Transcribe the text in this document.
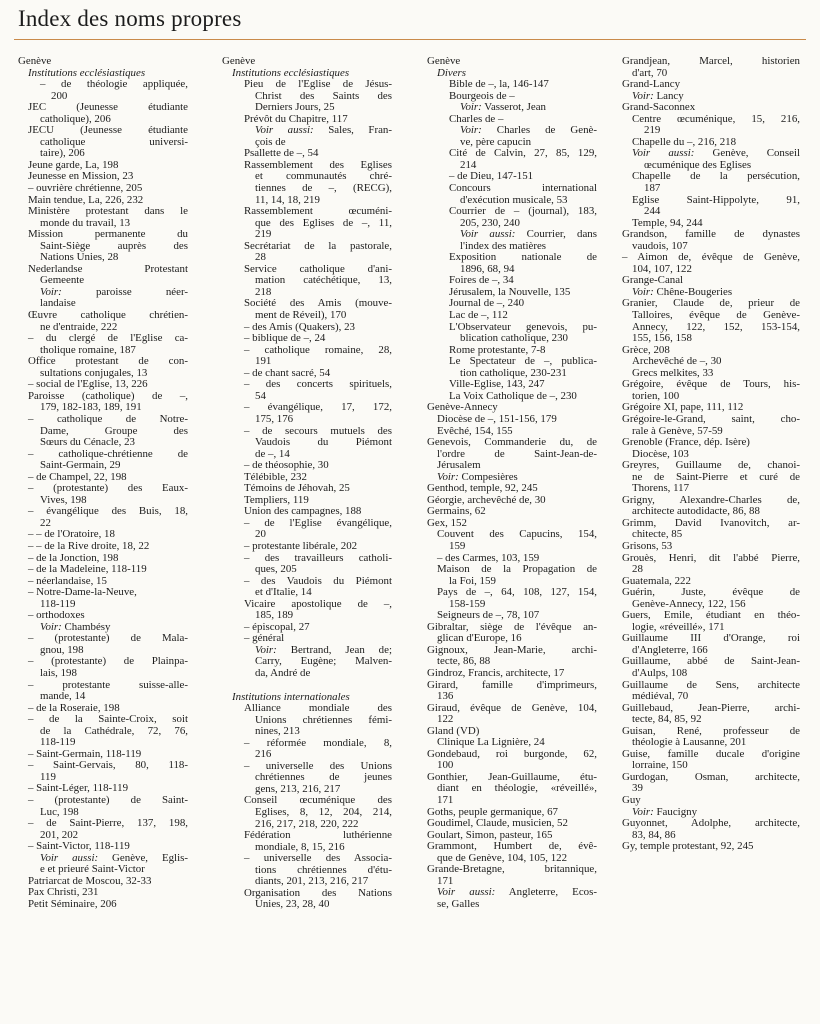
Index des noms propres
Genève
Institutions ecclésiastiques
– de théologie appliquée,
200
JEC (Jeunesse étudiante
catholique), 206
JECU (Jeunesse étudiante
catholique universi-
taire), 206
Jeune garde, La, 198
Jeunesse en Mission, 23
– ouvrière chrétienne, 205
Main tendue, La, 226, 232
Ministère protestant dans le
monde du travail, 13
Mission permanente du
Saint-Siège auprès des
Nations Unies, 28
Nederlandse Protestant
Gemeente
Voir: paroisse néer-
landaise
Œuvre catholique chrétien-
ne d'entraide, 222
– du clergé de l'Eglise ca-
tholique romaine, 187
Office protestant de con-
sultations conjugales, 13
– social de l'Eglise, 13, 226
Paroisse (catholique) de –,
179, 182-183, 189, 191
– catholique de Notre-
Dame, Groupe des
Sœurs du Cénacle, 23
– catholique-chrétienne de
Saint-Germain, 29
– de Champel, 22, 198
– (protestante) des Eaux-
Vives, 198
– évangélique des Buis, 18,
22
– – de l'Oratoire, 18
– – de la Rive droite, 18, 22
– de la Jonction, 198
– de la Madeleine, 118-119
– néerlandaise, 15
– Notre-Dame-la-Neuve,
118-119
– orthodoxes
Voir: Chambésy
– (protestante) de Mala-
gnou, 198
– (protestante) de Plainpa-
lais, 198
– protestante suisse-alle-
mande, 14
– de la Roseraie, 198
– de la Sainte-Croix, soit
de la Cathédrale, 72, 76,
118-119
– Saint-Germain, 118-119
– Saint-Gervais, 80, 118-
119
– Saint-Léger, 118-119
– (protestante) de Saint-
Luc, 198
– de Saint-Pierre, 137, 198,
201, 202
– Saint-Victor, 118-119
Voir aussi: Genève, Eglis-
e et prieuré Saint-Victor
Patriarcat de Moscou, 32-33
Pax Christi, 231
Petit Séminaire, 206
Genève
Institutions ecclésiastiques
Pieu de l'Eglise de Jésus-
Christ des Saints des
Derniers Jours, 25
Prévôt du Chapitre, 117
Voir aussi: Sales, Fran-
çois de
Psallette de –, 54
Rassemblement des Eglises
et communautés chré-
tiennes de –, (RECG),
11, 14, 18, 219
Rassemblement œcuméni-
que des Eglises de –, 11,
219
Secrétariat de la pastorale,
28
Service catholique d'ani-
mation catéchétique, 13,
218
Société des Amis (mouve-
ment de Réveil), 170
– des Amis (Quakers), 23
– biblique de –, 24
– catholique romaine, 28,
191
– de chant sacré, 54
– des concerts spirituels,
54
– évangélique, 17, 172,
175, 176
– de secours mutuels des
Vaudois du Piémont
de –, 14
– de théosophie, 30
Télébible, 232
Témoins de Jéhovah, 25
Templiers, 119
Union des campagnes, 188
– de l'Eglise évangélique,
20
– protestante libérale, 202
– des travailleurs catholi-
ques, 205
– des Vaudois du Piémont
et d'Italie, 14
Vicaire apostolique de –,
185, 189
– épiscopal, 27
– général
Voir: Bertrand, Jean de;
Carry, Eugène; Malven-
da, André de
Institutions internationales
Alliance mondiale des
Unions chrétiennes fémi-
nines, 213
– réformée mondiale, 8,
216
– universelle des Unions
chrétiennes de jeunes
gens, 213, 216, 217
Conseil œcuménique des
Eglises, 8, 12, 204, 214,
216, 217, 218, 220, 222
Fédération luthérienne
mondiale, 8, 15, 216
– universelle des Associa-
tions chrétiennes d'étu-
diants, 201, 213, 216, 217
Organisation des Nations
Unies, 23, 28, 40
Genève
Divers
Bible de –, la, 146-147
Bourgeois de –
Voir: Vasserot, Jean
Charles de –
Voir: Charles de Genè-
ve, père capucin
Cité de Calvin, 27, 85, 129,
214
– de Dieu, 147-151
Concours international
d'exécution musicale, 53
Courrier de – (journal), 183,
205, 230, 240
Voir aussi: Courrier, dans
l'index des matières
Exposition nationale de
1896, 68, 94
Foires de –, 34
Jérusalem, la Nouvelle, 135
Journal de –, 240
Lac de –, 112
L'Observateur genevois, pu-
blication catholique, 230
Rome protestante, 7-8
Le Spectateur de –, publica-
tion catholique, 230-231
Ville-Eglise, 143, 247
La Voix Catholique de –, 230
Genève-Annecy
Diocèse de –, 151-156, 179
Evêché, 154, 155
Genevois, Commanderie du, de
l'ordre de Saint-Jean-de-
Jérusalem
Voir: Compesières
Genthod, temple, 92, 245
Géorgie, archevêché de, 30
Germains, 62
Gex, 152
Couvent des Capucins, 154,
159
– des Carmes, 103, 159
Maison de la Propagation de
la Foi, 159
Pays de –, 64, 108, 127, 154,
158-159
Seigneurs de –, 78, 107
Gibraltar, siège de l'évêque an-
glican d'Europe, 16
Gignoux, Jean-Marie, archi-
tecte, 86, 88
Gindroz, Francis, architecte, 17
Girard, famille d'imprimeurs,
136
Giraud, évêque de Genève, 104,
122
Gland (VD)
Clinique La Lignière, 24
Gondebaud, roi burgonde, 62,
100
Gonthier, Jean-Guillaume, étu-
diant en théologie, «réveillé»,
171
Goths, peuple germanique, 67
Goudimel, Claude, musicien, 52
Goulart, Simon, pasteur, 165
Grammont, Humbert de, évê-
que de Genève, 104, 105, 122
Grande-Bretagne, britannique,
171
Voir aussi: Angleterre, Ecos-
se, Galles
Grandjean, Marcel, historien
d'art, 70
Grand-Lancy
Voir: Lancy
Grand-Saconnex
Centre œcuménique, 15, 216,
219
Chapelle du –, 216, 218
Voir aussi: Genève, Conseil
œcuménique des Eglises
Chapelle de la persécution,
187
Eglise Saint-Hippolyte, 91,
244
Temple, 94, 244
Grandson, famille de dynastes
vaudois, 107
– Aimon de, évêque de Genève,
104, 107, 122
Grange-Canal
Voir: Chêne-Bougeries
Granier, Claude de, prieur de
Talloires, évêque de Genève-
Annecy, 122, 152, 153-154,
155, 156, 158
Grèce, 208
Archevêché de –, 30
Grecs melkites, 33
Grégoire, évêque de Tours, his-
torien, 100
Grégoire XI, pape, 111, 112
Grégoire-le-Grand, saint, cho-
rale à Genève, 57-59
Grenoble (France, dép. Isère)
Diocèse, 103
Greyres, Guillaume de, chanoi-
ne de Saint-Pierre et curé de
Thorens, 117
Grigny, Alexandre-Charles de,
architecte autodidacte, 86, 88
Grimm, David Ivanovitch, ar-
chitecte, 85
Grisons, 53
Grouès, Henri, dit l'abbé Pierre,
28
Guatemala, 222
Guérin, Juste, évêque de
Genève-Annecy, 122, 156
Guers, Emile, étudiant en théo-
logie, «réveillé», 171
Guillaume III d'Orange, roi
d'Angleterre, 166
Guillaume, abbé de Saint-Jean-
d'Aulps, 108
Guillaume de Sens, architecte
médiéval, 70
Guillebaud, Jean-Pierre, archi-
tecte, 84, 85, 92
Guisan, René, professeur de
théologie à Lausanne, 201
Guise, famille ducale d'origine
lorraine, 150
Gurdogan, Osman, architecte,
39
Guy
Voir: Faucigny
Guyonnet, Adolphe, architecte,
83, 84, 86
Gy, temple protestant, 92, 245
